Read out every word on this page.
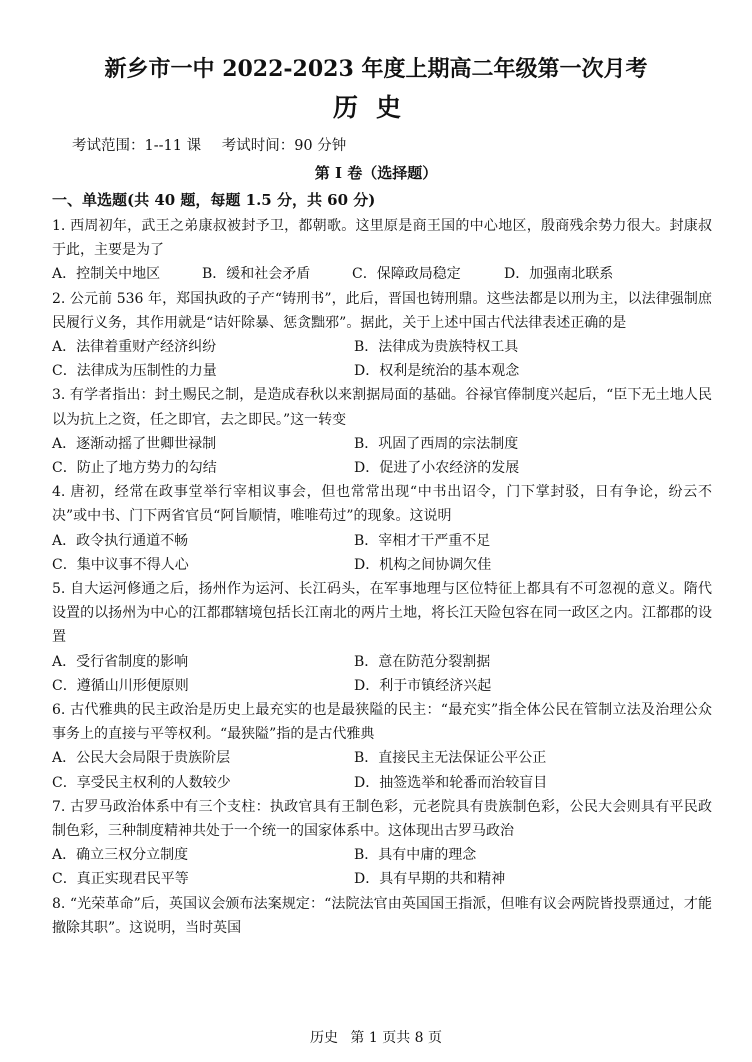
新乡市一中 2022-2023 年度上期高二年级第一次月考
历史
考试范围：1--11 课 考试时间：90 分钟
第 I 卷（选择题）
一、单选题(共 40 题，每题 1.5 分，共 60 分)
1. 西周初年，武王之弟康叔被封予卫，都朝歌。这里原是商王国的中心地区，殷商残余势力很大。封康叔于此，主要是为了
A．控制关中地区	B．缓和社会矛盾	C．保障政局稳定	D．加强南北联系
2. 公元前 536 年，郑国执政的子产“铸刑书”，此后，晋国也铸刑鼎。这些法都是以刑为主，以法律强制庶民履行义务，其作用就是“诘奸除暴、惩贪黜邪”。据此，关于上述中国古代法律表述正确的是
A．法律着重财产经济纠纷	B．法律成为贵族特权工具
C．法律成为压制性的力量	D．权利是统治的基本观念
3. 有学者指出：封土赐民之制，是造成春秋以来割据局面的基础。谷禄官俸制度兴起后，“臣下无土地人民以为抗上之资，任之即官，去之即民。”这一转变
A．逐渐动摇了世卿世禄制	B．巩固了西周的宗法制度
C．防止了地方势力的勾结	D．促进了小农经济的发展
4. 唐初，经常在政事堂举行宰相议事会，但也常常出现“中书出诏令，门下掌封驳，日有争论，纷云不决”或中书、门下两省官员“阿旨顺情，唯唯苟过”的现象。这说明
A．政令执行通道不畅	B．宰相才干严重不足
C．集中议事不得人心	D．机构之间协调欠佳
5. 自大运河修通之后，扬州作为运河、长江码头，在军事地理与区位特征上都具有不可忽视的意义。隋代设置的以扬州为中心的江都郡辖境包括长江南北的两片土地，将长江天险包容在同一政区之内。江都郡的设置
A．受行省制度的影响	B．意在防范分裂割据
C．遵循山川形便原则	D．利于市镇经济兴起
6. 古代雅典的民主政治是历史上最充实的也是最狭隘的民主：“最充实”指全体公民在管制立法及治理公众事务上的直接与平等权利。“最狭隘”指的是古代雅典
A．公民大会局限于贵族阶层	B．直接民主无法保证公平公正
C．享受民主权利的人数较少	D．抽签选举和轮番而治较盲目
7. 古罗马政治体系中有三个支柱：执政官具有王制色彩，元老院具有贵族制色彩，公民大会则具有平民政制色彩，三种制度精神共处于一个统一的国家体系中。这体现出古罗马政治
A．确立三权分立制度	B．具有中庸的理念
C．真正实现君民平等	D．具有早期的共和精神
8. “光荣革命”后，英国议会颁布法案规定：“法院法官由英国国王指派，但唯有议会两院皆投票通过，才能撤除其职”。这说明，当时英国
历史 第 1 页共 8 页
